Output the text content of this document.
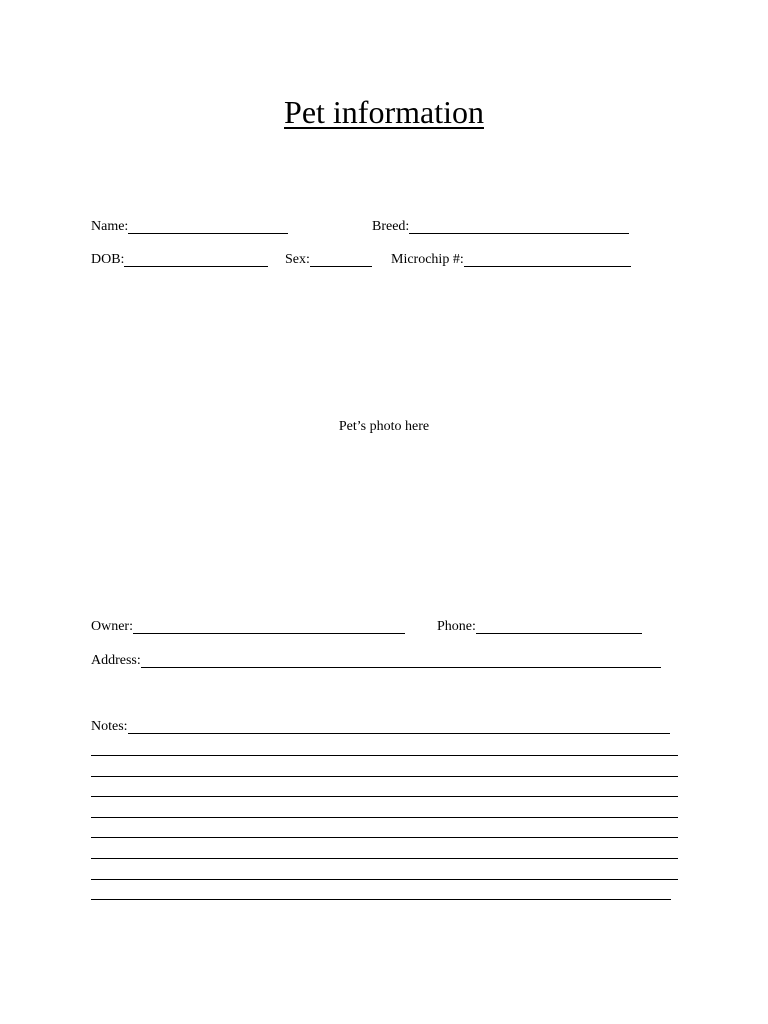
Pet information
Name:	Breed:
DOB:	Sex:	Microchip #:
Pet’s photo here
Owner:	Phone:
Address:
Notes:
